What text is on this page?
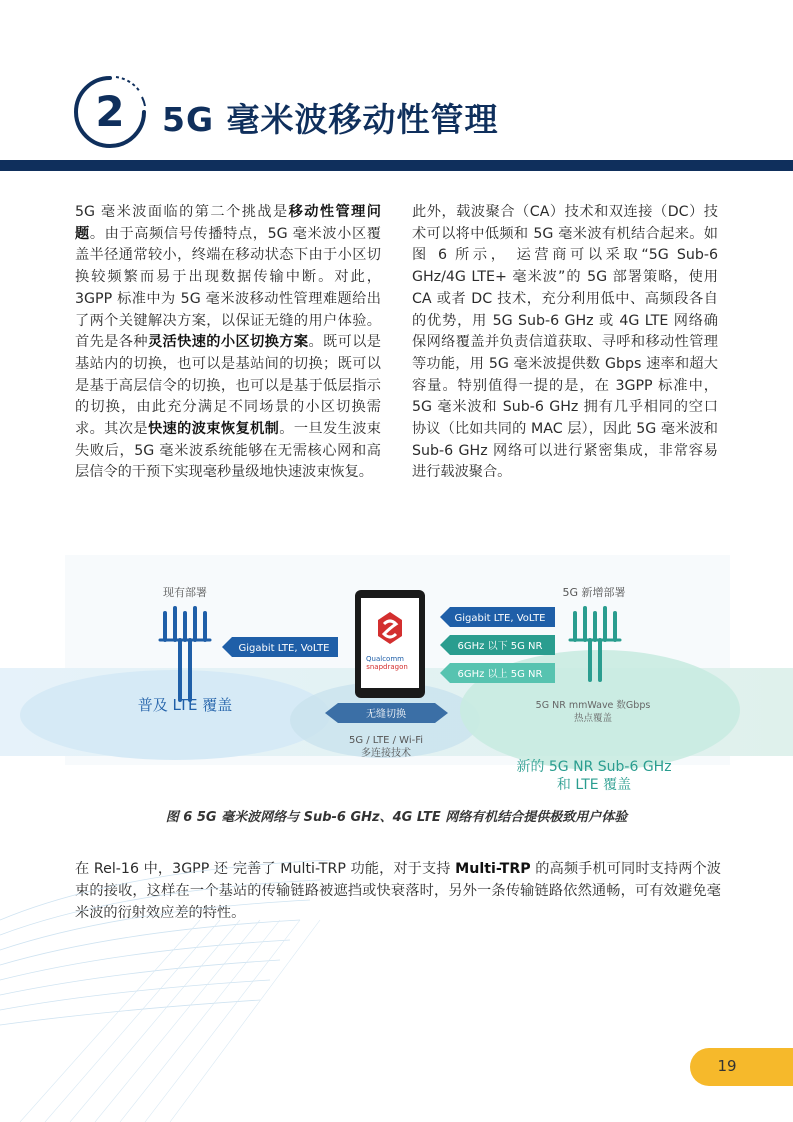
2 5G 毫米波移动性管理
5G 毫米波面临的第二个挑战是移动性管理问题。由于高频信号传播特点，5G 毫米波小区覆盖半径通常较小，终端在移动状态下由于小区切换较频繁而易于出现数据传输中断。对此，3GPP 标准中为 5G 毫米波移动性管理难题给出了两个关键解决方案，以保证无缝的用户体验。首先是各种灵活快速的小区切换方案。既可以是基站内的切换，也可以是基站间的切换；既可以是基于高层信令的切换，也可以是基于低层指示的切换，由此充分满足不同场景的小区切换需求。其次是快速的波束恢复机制。一旦发生波束失败后，5G 毫米波系统能够在无需核心网和高层信令的干预下实现毫秒量级地快速波束恢复。
此外，载波聚合（CA）技术和双连接（DC）技术可以将中低频和 5G 毫米波有机结合起来。如图 6 所示， 运营商可以采取“5G Sub-6 GHz/4G LTE+ 毫米波”的 5G 部署策略，使用 CA 或者 DC 技术，充分利用低中、高频段各自的优势，用 5G Sub-6 GHz 或 4G LTE 网络确保网络覆盖并负责信道获取、寻呼和移动性管理等功能，用 5G 毫米波提供数 Gbps 速率和超大容量。特别值得一提的是，在 3GPP 标准中， 5G 毫米波和 Sub-6 GHz 拥有几乎相同的空口协议（比如共同的 MAC 层），因此 5G 毫米波和 Sub-6 GHz 网络可以进行紧密集成，非常容易进行载波聚合。
现有部署
普及 LTE 覆盖
5G 新增部署
Gigabit LTE, VoLTE
Gigabit LTE, VoLTE
6GHz 以下 5G NR
6GHz 以上 5G NR
Qualcomm
snapdragon
无缝切换
5G / LTE / Wi-Fi
多连接技术
5G NR mmWave 数Gbps
热点覆盖
新的 5G NR Sub-6 GHz
和 LTE 覆盖
图 6 5G 毫米波网络与 Sub-6 GHz、4G LTE 网络有机结合提供极致用户体验
在 Rel-16 中，3GPP 还 完善了 Multi-TRP 功能，对于支持 Multi-TRP 的高频手机可同时支持两个波束的接收，这样在一个基站的传输链路被遮挡或快衰落时，另外一条传输链路依然通畅，可有效避免毫米波的衍射效应差的特性。
19
